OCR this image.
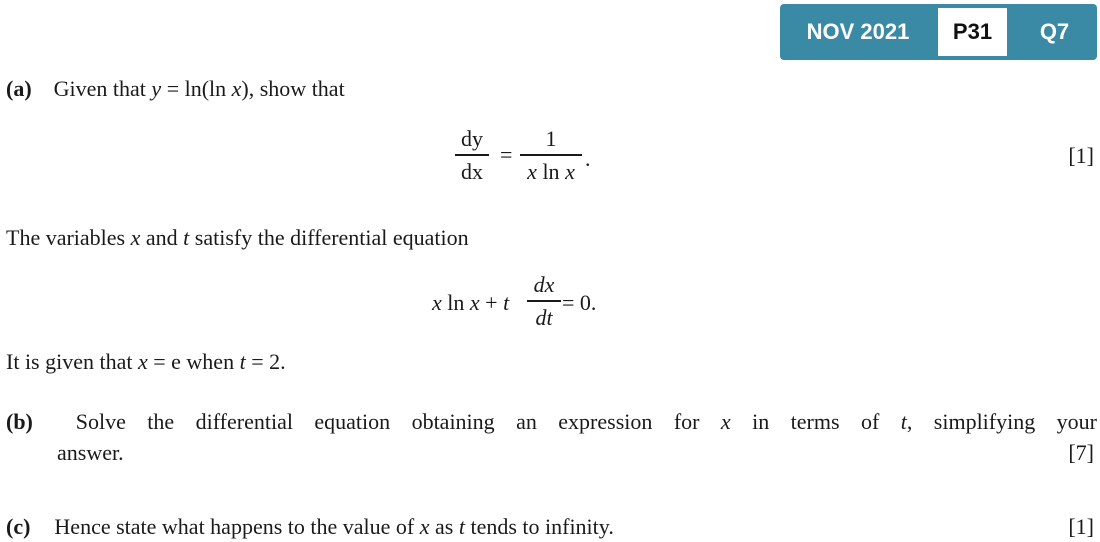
NOV 2021	P31	Q7
(a) Given that y = ln(ln x), show that
dy
dx
=
1
x ln x
.	[1]
The variables x and t satisfy the differential equation
x ln x + t
dx
dt
= 0.
It is given that x = e when t = 2.
(b) Solve the differential equation obtaining an expression for x in terms of t, simplifying your
answer.	[7]
(c) Hence state what happens to the value of x as t tends to infinity.	[1]
